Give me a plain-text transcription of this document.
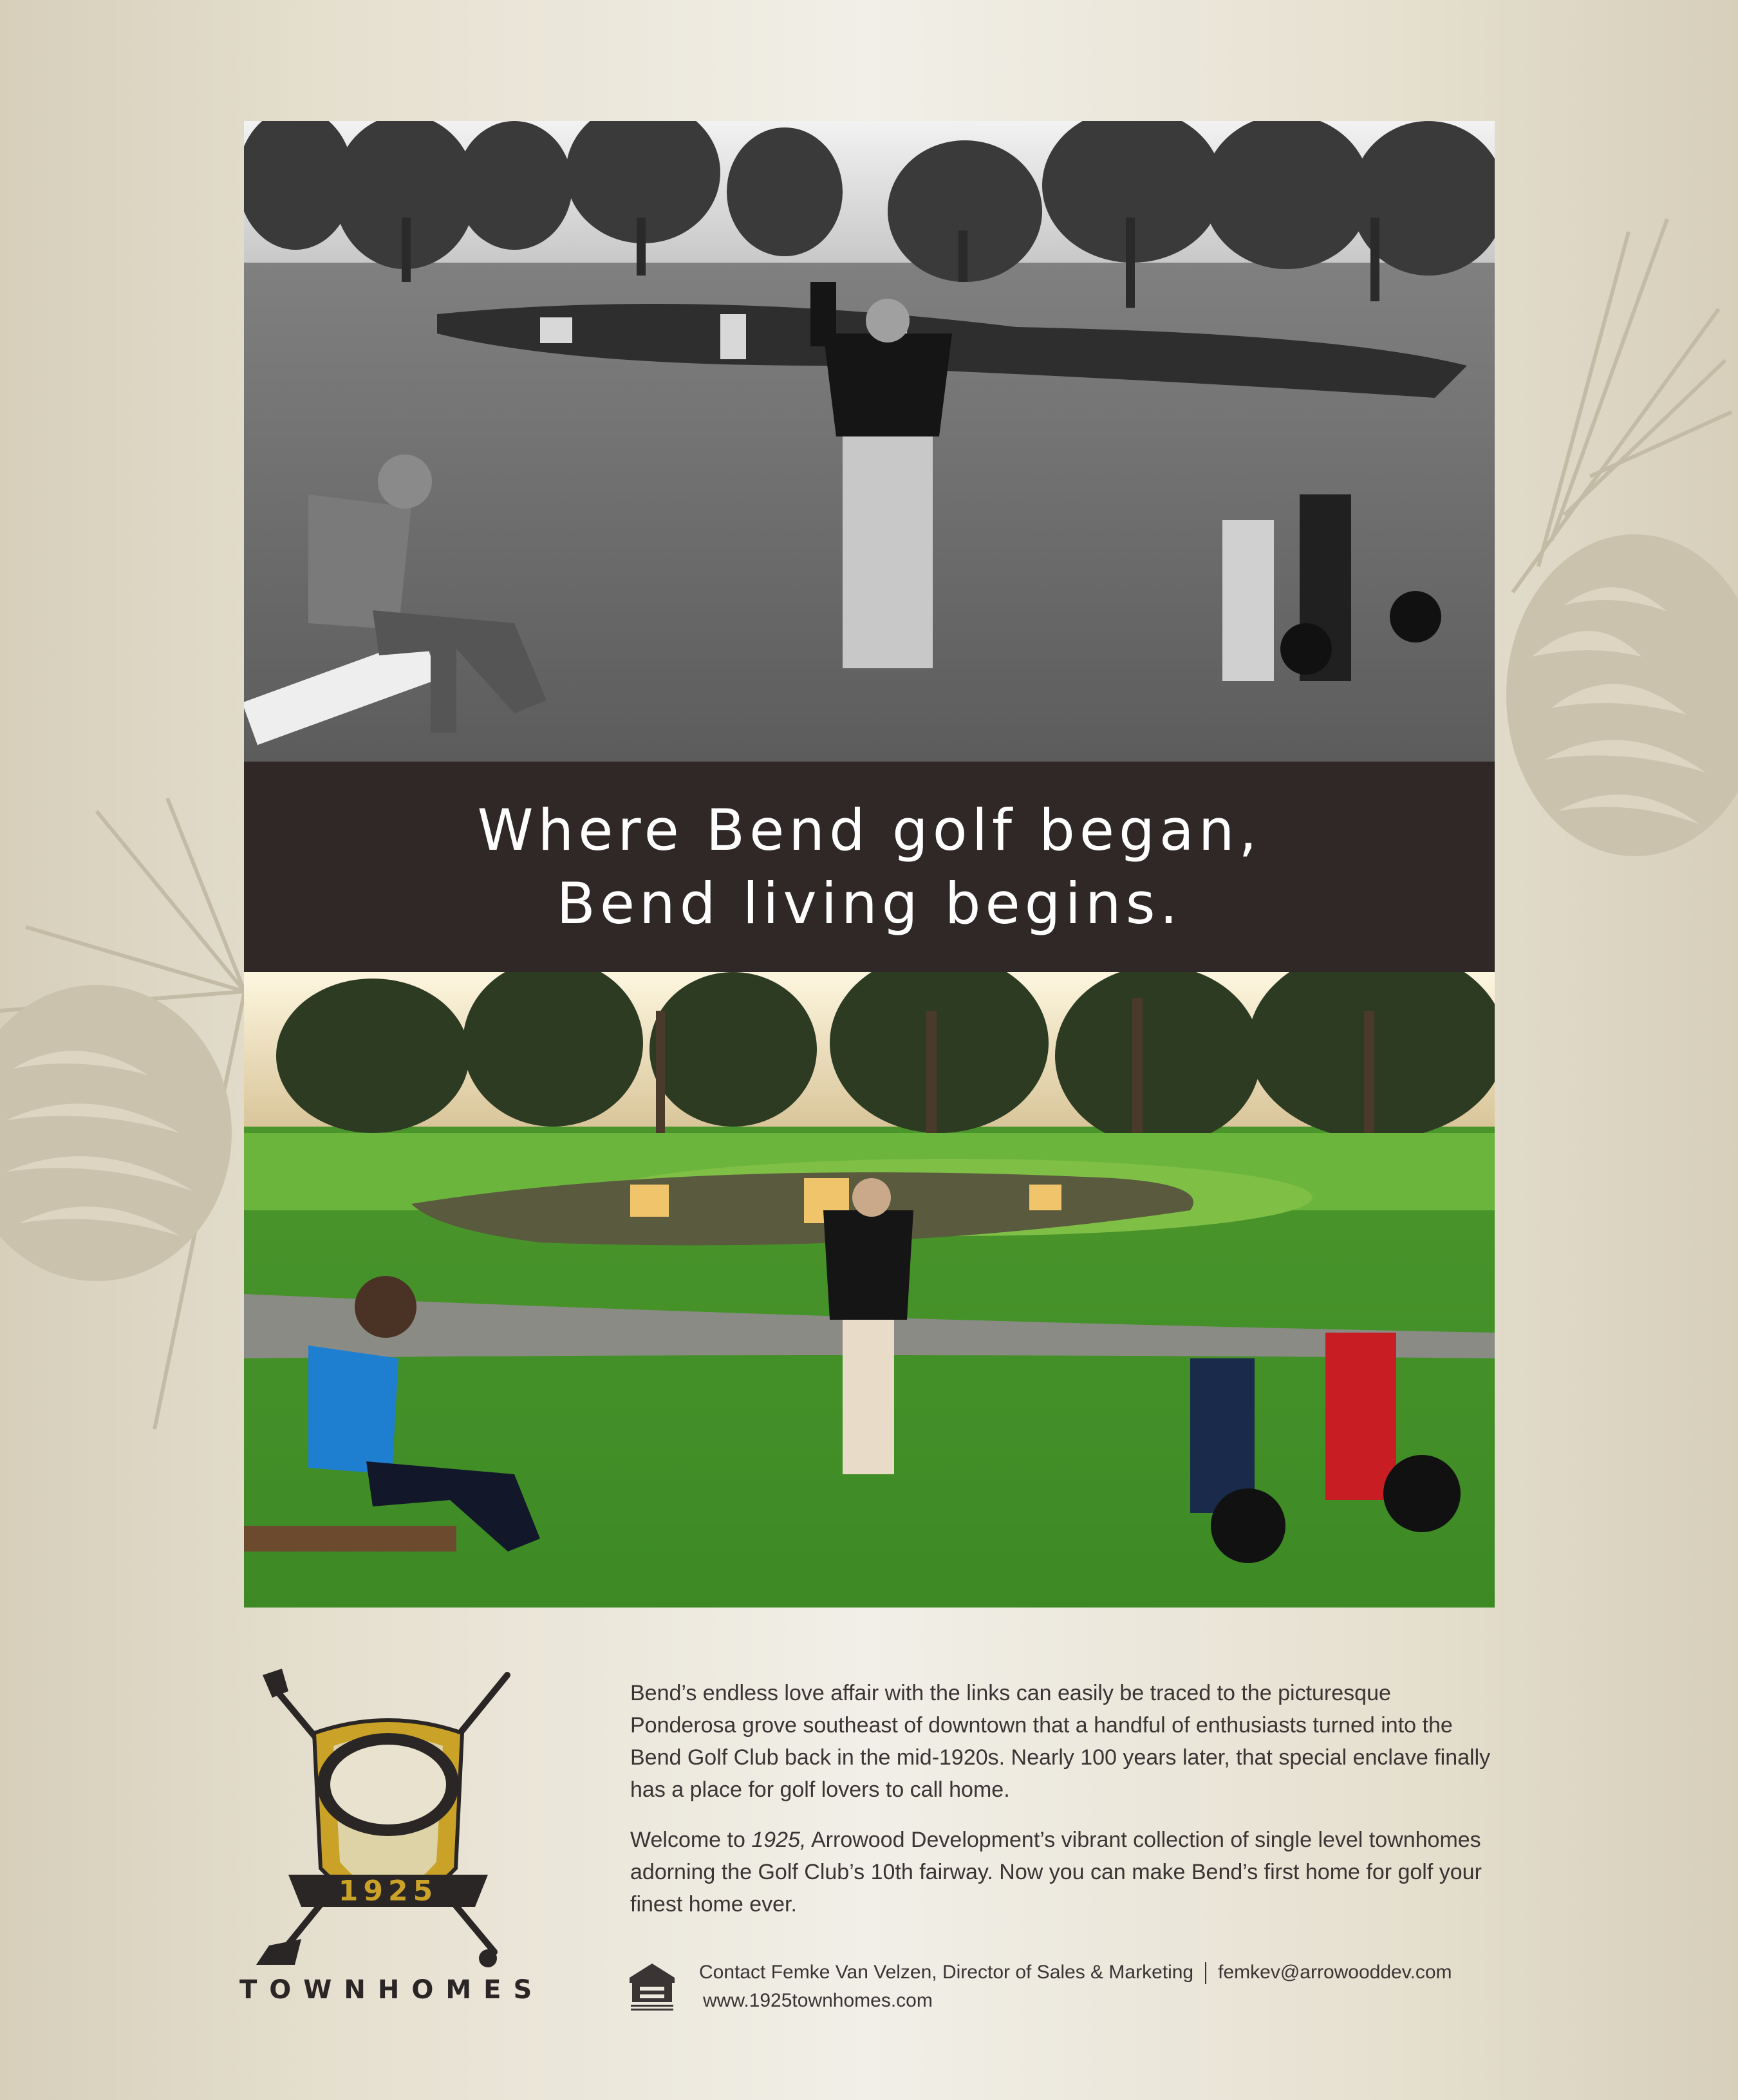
Where Bend golf began,
Bend living begins.
1925
TOWNHOMES

Bend’s endless love affair with the links can easily be traced to the picturesque Ponderosa grove southeast of downtown that a handful of enthusiasts turned into the Bend Golf Club back in the mid-1920s. Nearly 100 years later, that special enclave finally has a place for golf lovers to call home.

Welcome to 1925, Arrowood Development’s vibrant collection of single level townhomes adorning the Golf Club’s 10th fairway. Now you can make Bend’s first home for golf your finest home ever.

Contact Femke Van Velzen, Director of Sales & Marketing femkev@arrowooddev.com
www.1925townhomes.com
